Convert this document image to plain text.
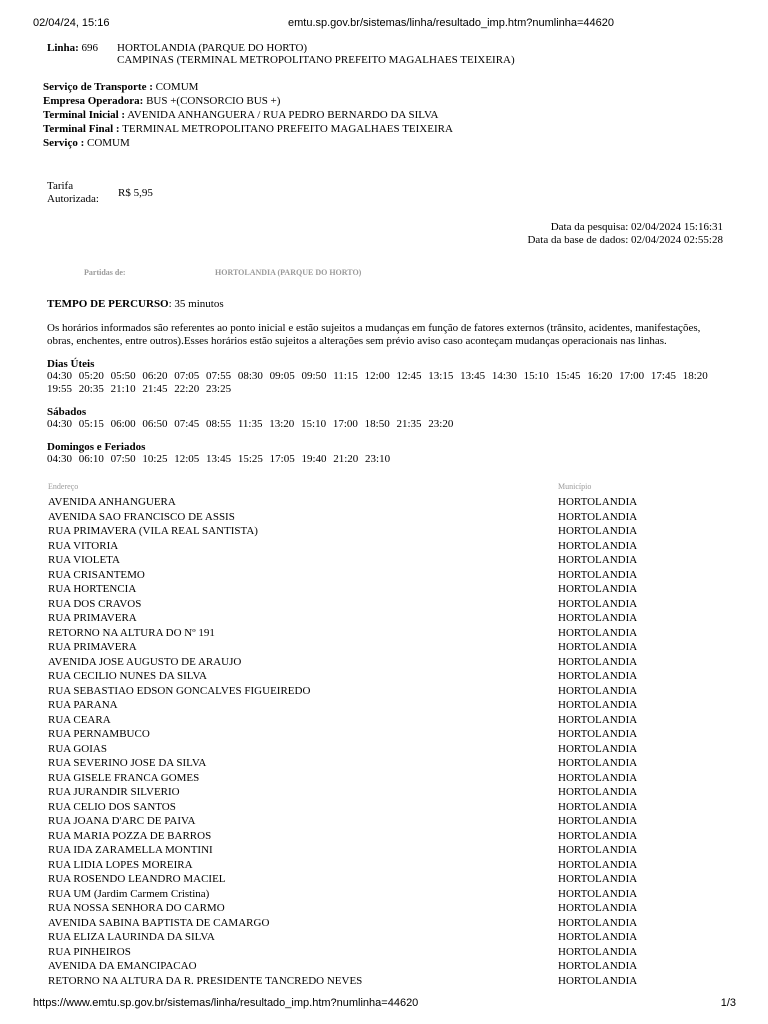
02/04/24, 15:16	emtu.sp.gov.br/sistemas/linha/resultado_imp.htm?numlinha=44620
Linha: 696 HORTOLANDIA (PARQUE DO HORTO)
CAMPINAS (TERMINAL METROPOLITANO PREFEITO MAGALHAES TEIXEIRA)
Serviço de Transporte : COMUM
Empresa Operadora: BUS +(CONSORCIO BUS +)
Terminal Inicial : AVENIDA ANHANGUERA / RUA PEDRO BERNARDO DA SILVA
Terminal Final : TERMINAL METROPOLITANO PREFEITO MAGALHAES TEIXEIRA
Serviço : COMUM
Tarifa
Autorizada: R$ 5,95
Data da pesquisa: 02/04/2024 15:16:31
Data da base de dados: 02/04/2024 02:55:28
Partidas de:	HORTOLANDIA (PARQUE DO HORTO)
TEMPO DE PERCURSO: 35 minutos
Os horários informados são referentes ao ponto inicial e estão sujeitos a mudanças em função de fatores externos (trânsito, acidentes, manifestações, obras, enchentes, entre outros).Esses horários estão sujeitos a alterações sem prévio aviso caso aconteçam mudanças operacionais nas linhas.
Dias Úteis
04:30 05:20 05:50 06:20 07:05 07:55 08:30 09:05 09:50 11:15 12:00 12:45 13:15 13:45 14:30 15:10 15:45 16:20 17:00 17:45 18:20 19:55 20:35 21:10 21:45 22:20 23:25
Sábados
04:30 05:15 06:00 06:50 07:45 08:55 11:35 13:20 15:10 17:00 18:50 21:35 23:20
Domingos e Feriados
04:30 06:10 07:50 10:25 12:05 13:45 15:25 17:05 19:40 21:20 23:10
Endereço	Município
AVENIDA ANHANGUERA	HORTOLANDIA
AVENIDA SAO FRANCISCO DE ASSIS	HORTOLANDIA
RUA PRIMAVERA (VILA REAL SANTISTA)	HORTOLANDIA
RUA VITORIA	HORTOLANDIA
RUA VIOLETA	HORTOLANDIA
RUA CRISANTEMO	HORTOLANDIA
RUA HORTENCIA	HORTOLANDIA
RUA DOS CRAVOS	HORTOLANDIA
RUA PRIMAVERA	HORTOLANDIA
RETORNO NA ALTURA DO Nº 191	HORTOLANDIA
RUA PRIMAVERA	HORTOLANDIA
AVENIDA JOSE AUGUSTO DE ARAUJO	HORTOLANDIA
RUA CECILIO NUNES DA SILVA	HORTOLANDIA
RUA SEBASTIAO EDSON GONCALVES FIGUEIREDO	HORTOLANDIA
RUA PARANA	HORTOLANDIA
RUA CEARA	HORTOLANDIA
RUA PERNAMBUCO	HORTOLANDIA
RUA GOIAS	HORTOLANDIA
RUA SEVERINO JOSE DA SILVA	HORTOLANDIA
RUA GISELE FRANCA GOMES	HORTOLANDIA
RUA JURANDIR SILVERIO	HORTOLANDIA
RUA CELIO DOS SANTOS	HORTOLANDIA
RUA JOANA D'ARC DE PAIVA	HORTOLANDIA
RUA MARIA POZZA DE BARROS	HORTOLANDIA
RUA IDA ZARAMELLA MONTINI	HORTOLANDIA
RUA LIDIA LOPES MOREIRA	HORTOLANDIA
RUA ROSENDO LEANDRO MACIEL	HORTOLANDIA
RUA UM (Jardim Carmem Cristina)	HORTOLANDIA
RUA NOSSA SENHORA DO CARMO	HORTOLANDIA
AVENIDA SABINA BAPTISTA DE CAMARGO	HORTOLANDIA
RUA ELIZA LAURINDA DA SILVA	HORTOLANDIA
RUA PINHEIROS	HORTOLANDIA
AVENIDA DA EMANCIPACAO	HORTOLANDIA
RETORNO NA ALTURA DA R. PRESIDENTE TANCREDO NEVES	HORTOLANDIA
https://www.emtu.sp.gov.br/sistemas/linha/resultado_imp.htm?numlinha=44620	1/3
